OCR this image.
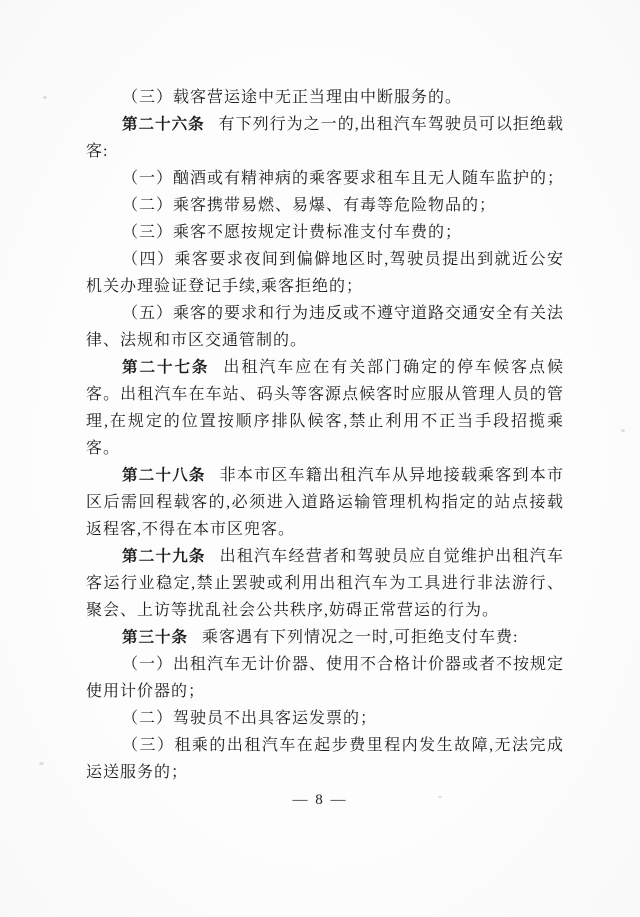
（三）载客营运途中无正当理由中断服务的。

第二十六条 有下列行为之一的,出租汽车驾驶员可以拒绝载客:

（一）酗酒或有精神病的乘客要求租车且无人随车监护的；

（二）乘客携带易燃、易爆、有毒等危险物品的；

（三）乘客不愿按规定计费标准支付车费的；

（四）乘客要求夜间到偏僻地区时,驾驶员提出到就近公安机关办理验证登记手续,乘客拒绝的；

（五）乘客的要求和行为违反或不遵守道路交通安全有关法律、法规和市区交通管制的。

第二十七条 出租汽车应在有关部门确定的停车候客点候客。出租汽车在车站、码头等客源点候客时应服从管理人员的管理,在规定的位置按顺序排队候客,禁止利用不正当手段招揽乘客。

第二十八条 非本市区车籍出租汽车从异地接载乘客到本市区后需回程载客的,必须进入道路运输管理机构指定的站点接载返程客,不得在本市区兜客。

第二十九条 出租汽车经营者和驾驶员应自觉维护出租汽车客运行业稳定,禁止罢驶或利用出租汽车为工具进行非法游行、聚会、上访等扰乱社会公共秩序,妨碍正常营运的行为。

第三十条 乘客遇有下列情况之一时,可拒绝支付车费:

（一）出租汽车无计价器、使用不合格计价器或者不按规定使用计价器的；

（二）驾驶员不出具客运发票的；

（三）租乘的出租汽车在起步费里程内发生故障,无法完成运送服务的；

— 8 —
